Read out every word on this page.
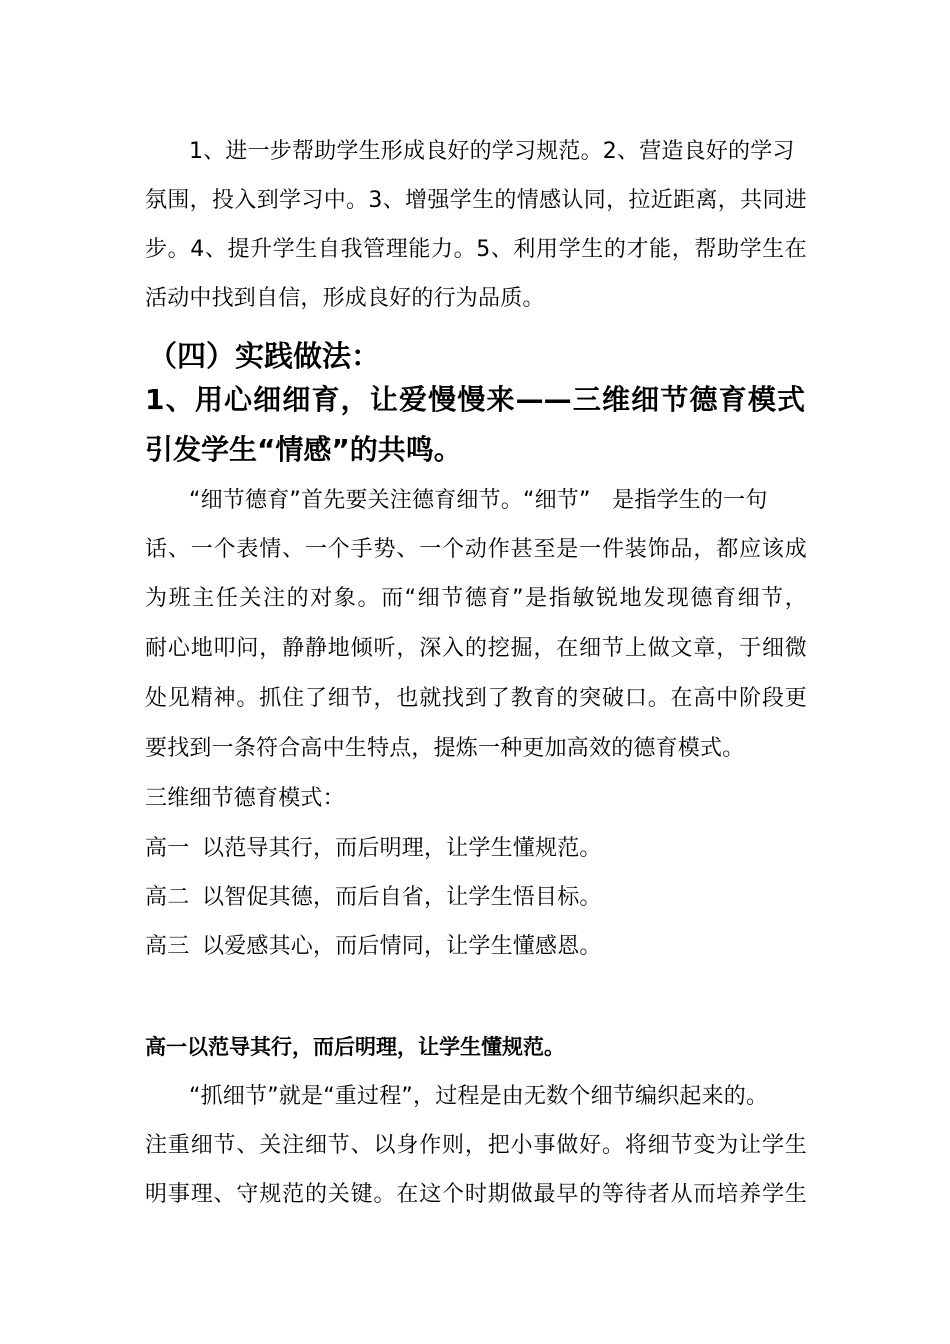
1、进一步帮助学生形成良好的学习规范。2、营造良好的学习
氛围，投入到学习中。3、增强学生的情感认同，拉近距离，共同进
步。4、提升学生自我管理能力。5、利用学生的才能，帮助学生在
活动中找到自信，形成良好的行为品质。
（四）实践做法：
1、用心细细育，让爱慢慢来——三维细节德育模式
引发学生“情感”的共鸣。
“细节德育”首先要关注德育细节。“细节”   是指学生的一句
话、一个表情、一个手势、一个动作甚至是一件装饰品，都应该成
为班主任关注的对象。而“细节德育”是指敏锐地发现德育细节，
耐心地叩问，静静地倾听，深入的挖掘，在细节上做文章，于细微
处见精神。抓住了细节，也就找到了教育的突破口。在高中阶段更
要找到一条符合高中生特点，提炼一种更加高效的德育模式。
三维细节德育模式：
高一 以范导其行，而后明理，让学生懂规范。
高二 以智促其德，而后自省，让学生悟目标。
高三 以爱感其心，而后情同，让学生懂感恩。
高一以范导其行，而后明理，让学生懂规范。
“抓细节”就是“重过程”，过程是由无数个细节编织起来的。
注重细节、关注细节、以身作则，把小事做好。将细节变为让学生
明事理、守规范的关键。在这个时期做最早的等待者从而培养学生
